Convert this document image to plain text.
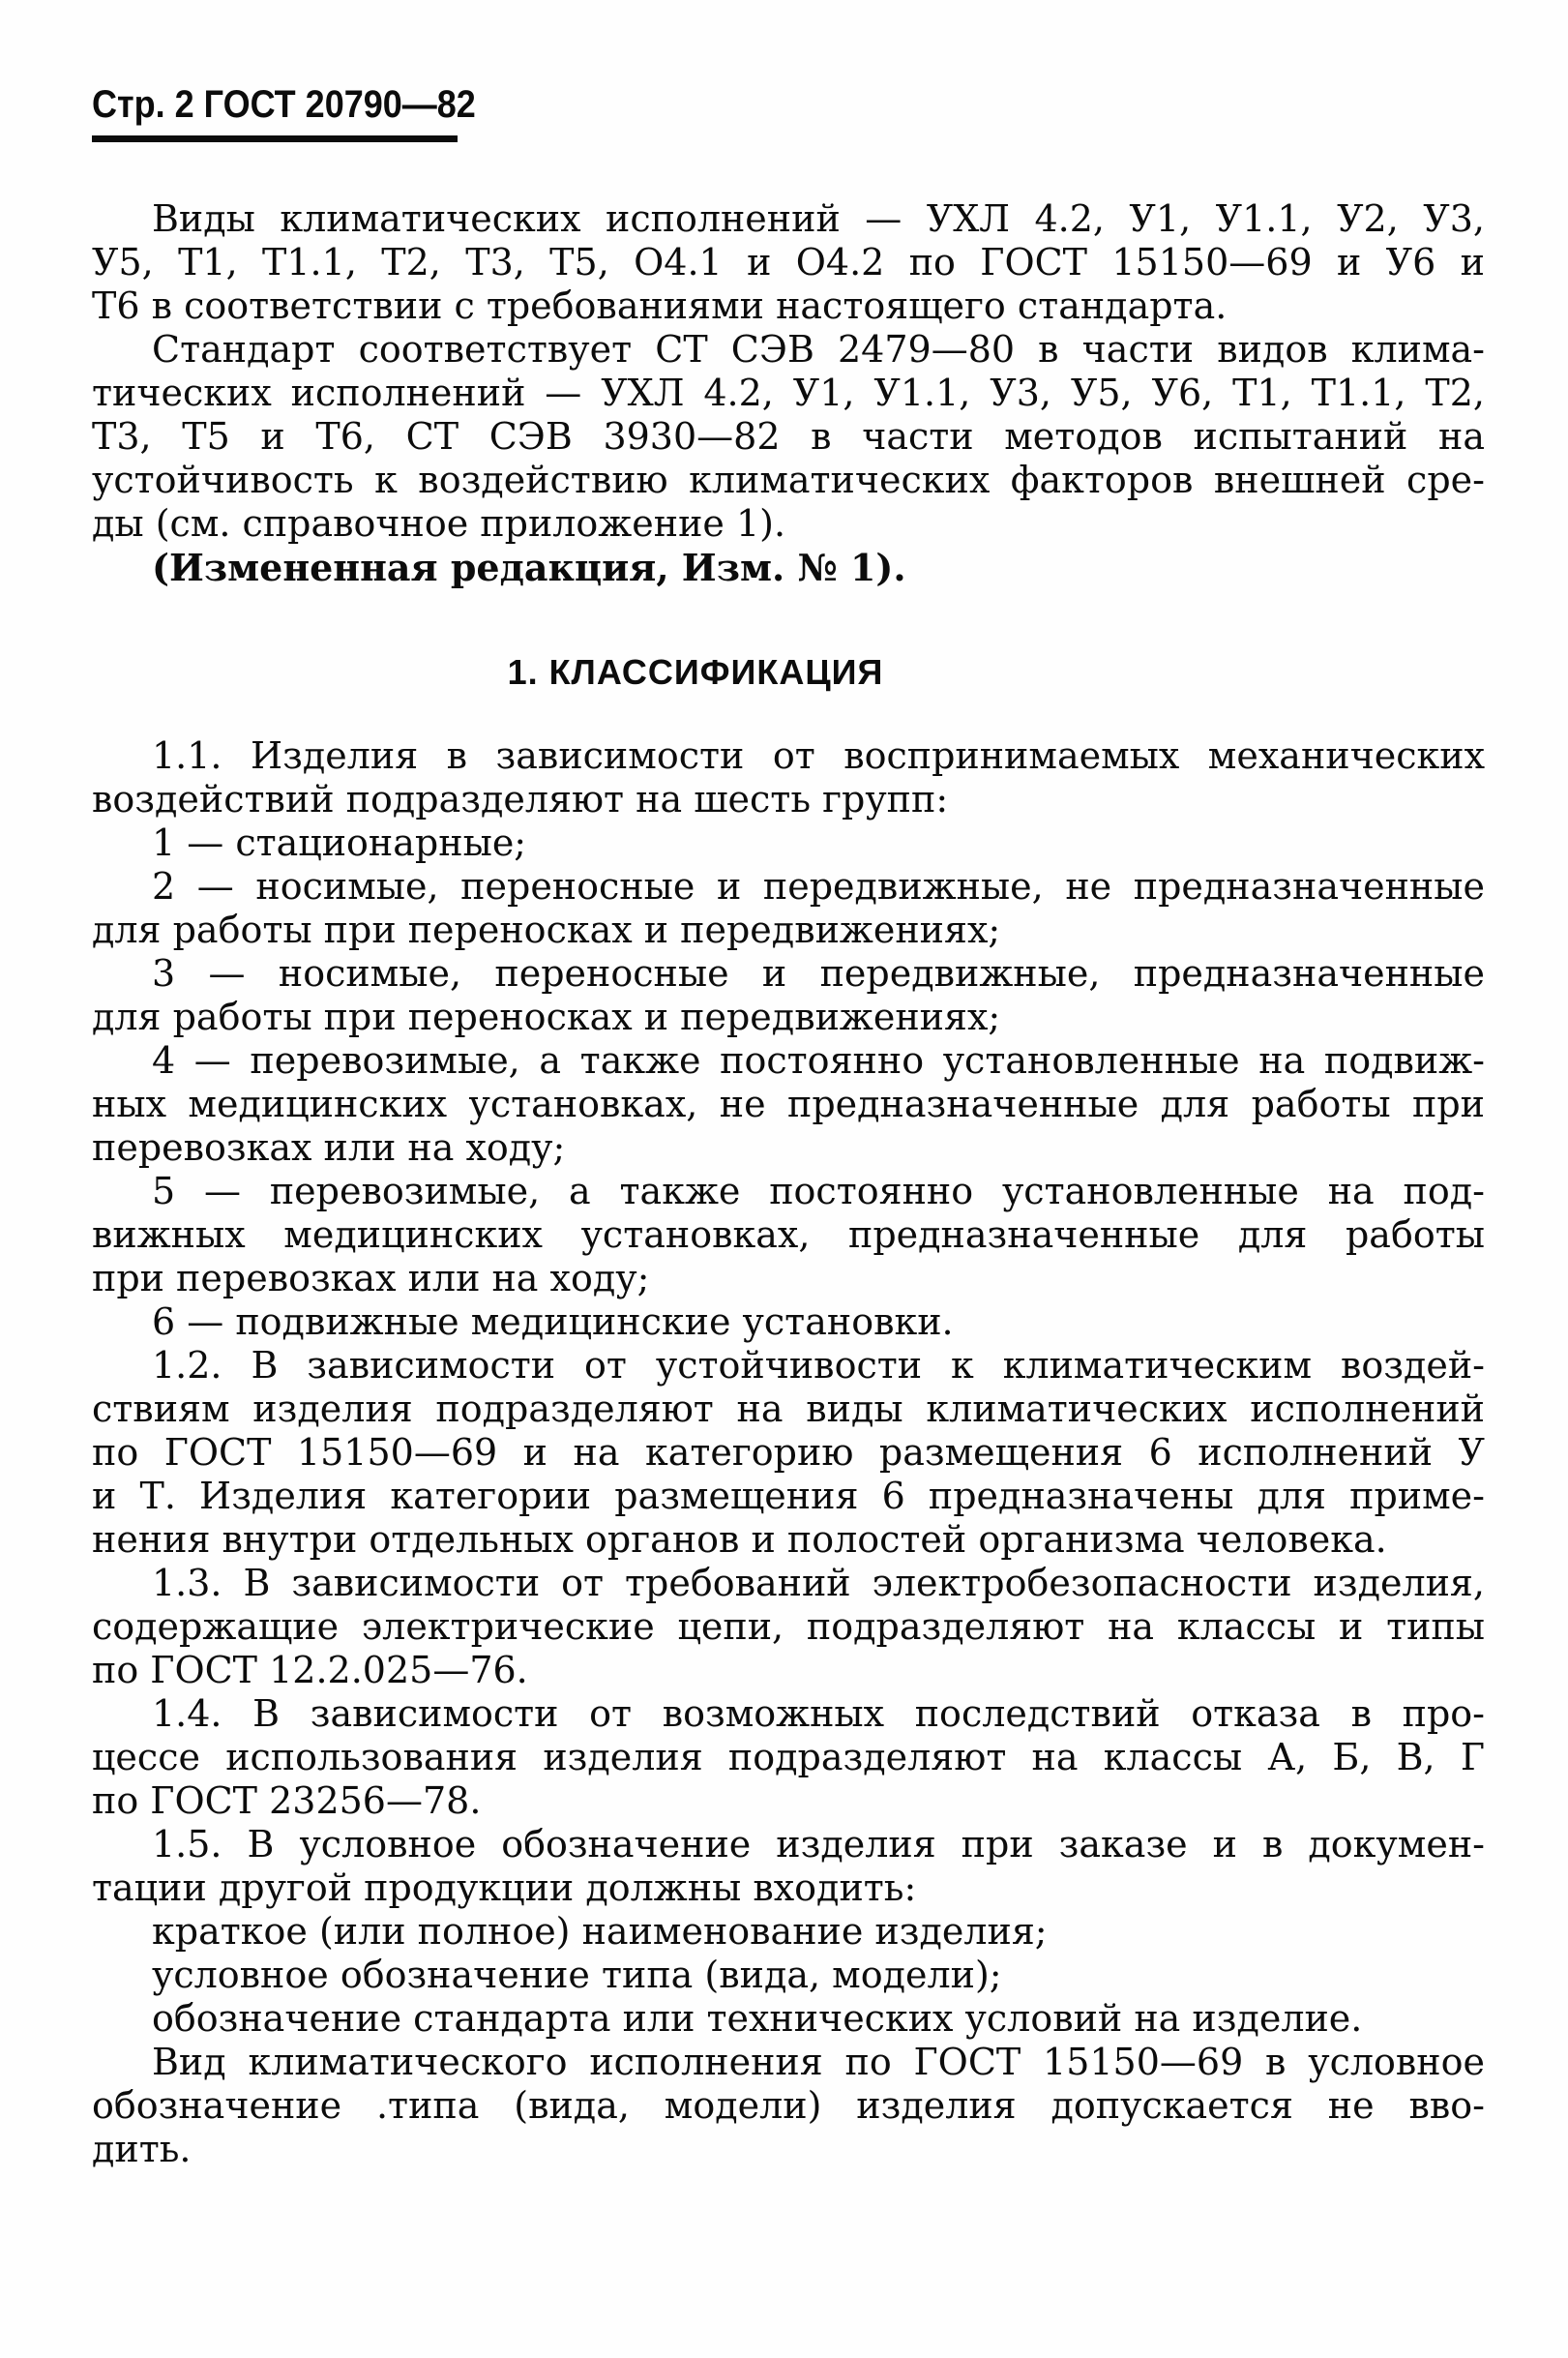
Стр. 2 ГОСТ 20790—82
Виды климатических исполнений — УХЛ 4.2, У1, У1.1, У2, У3,
У5, Т1, Т1.1, Т2, Т3, Т5, О4.1 и О4.2 по ГОСТ 15150—69 и У6 и
Т6 в соответствии с требованиями настоящего стандарта.
Стандарт соответствует СТ СЭВ 2479—80 в части видов клима-
тических исполнений — УХЛ 4.2, У1, У1.1, У3, У5, У6, Т1, Т1.1, Т2,
Т3, Т5 и Т6, СТ СЭВ 3930—82 в части методов испытаний на
устойчивость к воздействию климатических факторов внешней сре-
ды (см. справочное приложение 1).
(Измененная редакция, Изм. № 1).
1. КЛАССИФИКАЦИЯ
1.1. Изделия в зависимости от воспринимаемых механических
воздействий подразделяют на шесть групп:
1 — стационарные;
2 — носимые, переносные и передвижные, не предназначенные
для работы при переносках и передвижениях;
3 — носимые, переносные и передвижные, предназначенные
для работы при переносках и передвижениях;
4 — перевозимые, а также постоянно установленные на подвиж-
ных медицинских установках, не предназначенные для работы при
перевозках или на ходу;
5 — перевозимые, а также постоянно установленные на под-
вижных медицинских установках, предназначенные для работы
при перевозках или на ходу;
6 — подвижные медицинские установки.
1.2. В зависимости от устойчивости к климатическим воздей-
ствиям изделия подразделяют на виды климатических исполнений
по ГОСТ 15150—69 и на категорию размещения 6 исполнений У
и Т. Изделия категории размещения 6 предназначены для приме-
нения внутри отдельных органов и полостей организма человека.
1.3. В зависимости от требований электробезопасности изделия,
содержащие электрические цепи, подразделяют на классы и типы
по ГОСТ 12.2.025—76.
1.4. В зависимости от возможных последствий отказа в про-
цессе использования изделия подразделяют на классы А, Б, В, Г
по ГОСТ 23256—78.
1.5. В условное обозначение изделия при заказе и в докумен-
тации другой продукции должны входить:
краткое (или полное) наименование изделия;
условное обозначение типа (вида, модели);
обозначение стандарта или технических условий на изделие.
Вид климатического исполнения по ГОСТ 15150—69 в условное
обозначение .типа (вида, модели) изделия допускается не вво-
дить.
